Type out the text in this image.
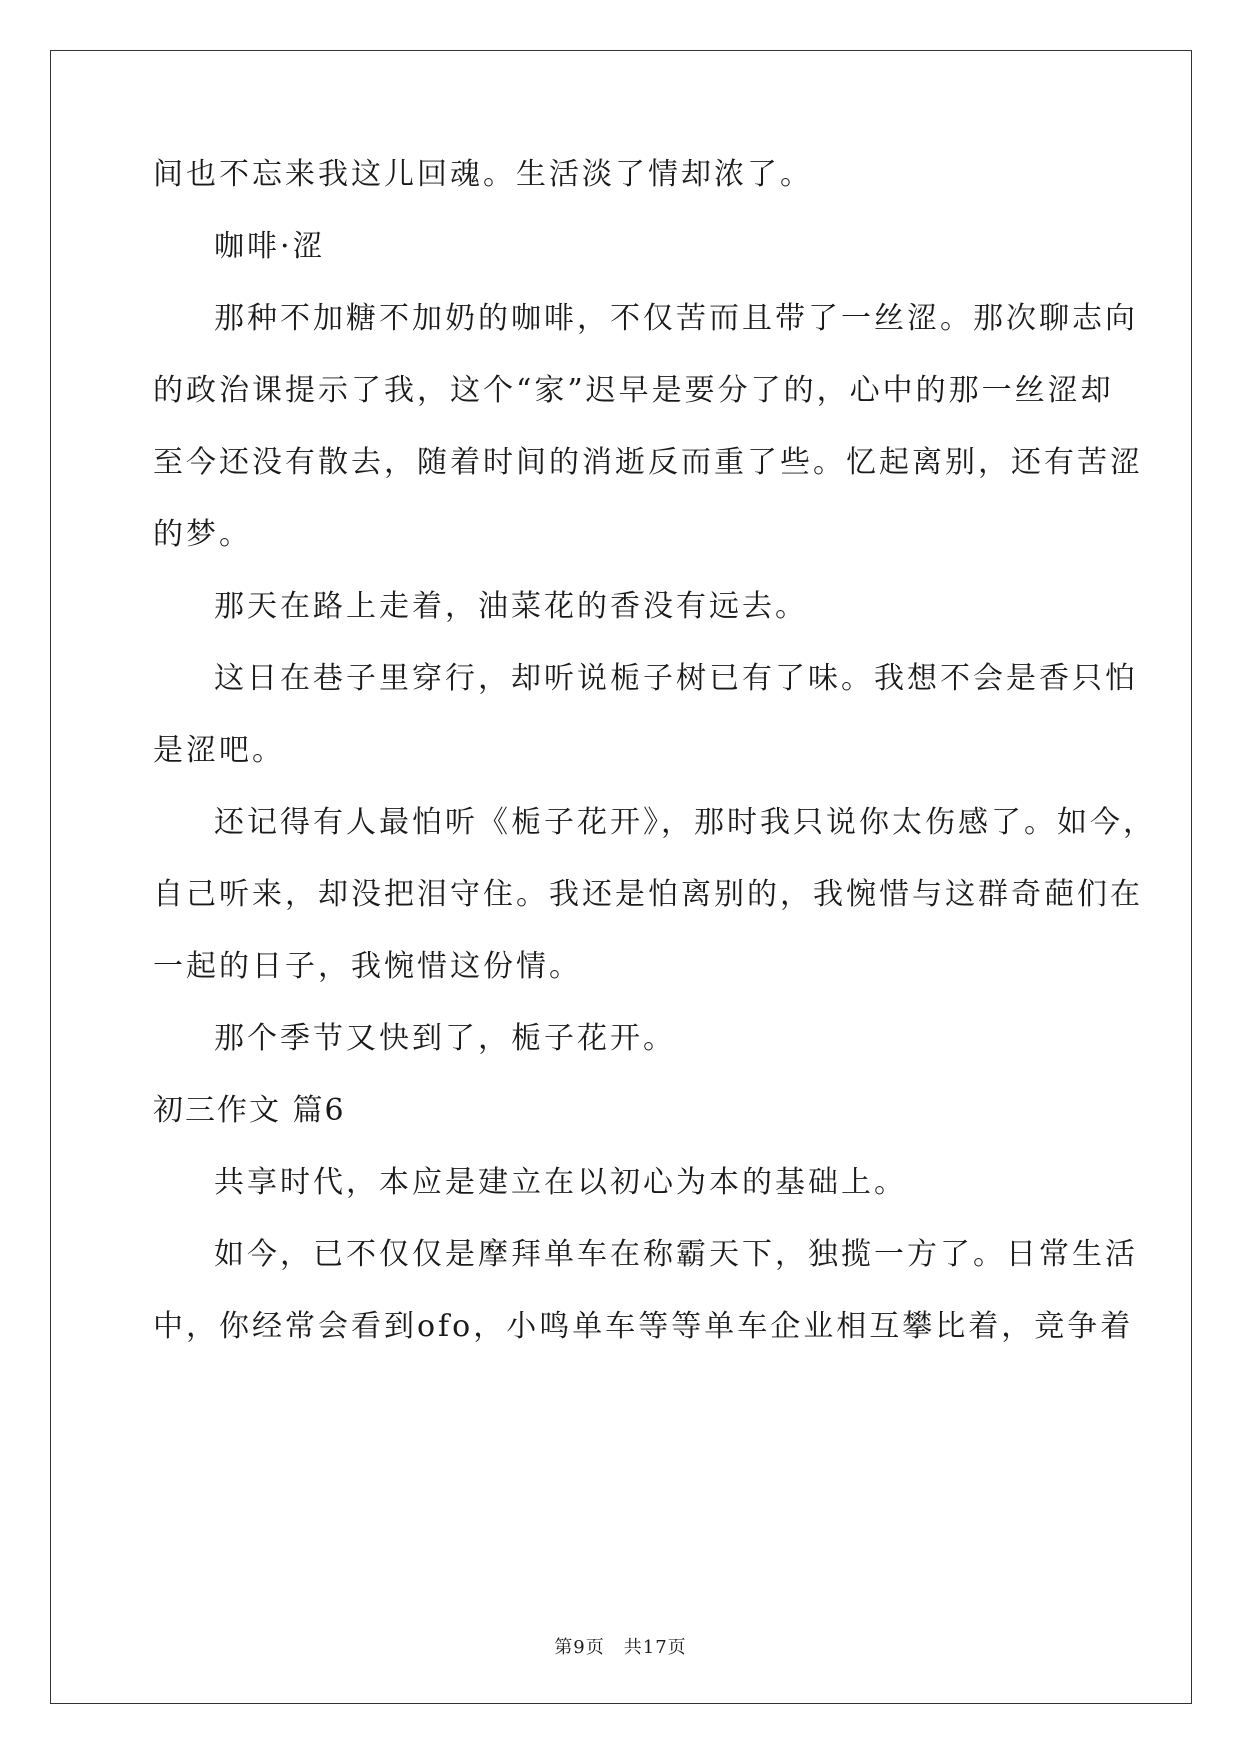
间也不忘来我这儿回魂。生活淡了情却浓了。
咖啡·涩
那种不加糖不加奶的咖啡，不仅苦而且带了一丝涩。那次聊志向
的政治课提示了我，这个“家”迟早是要分了的，心中的那一丝涩却
至今还没有散去，随着时间的消逝反而重了些。忆起离别，还有苦涩
的梦。
那天在路上走着，油菜花的香没有远去。
这日在巷子里穿行，却听说栀子树已有了味。我想不会是香只怕
是涩吧。
还记得有人最怕听《栀子花开》，那时我只说你太伤感了。如今，
自己听来，却没把泪守住。我还是怕离别的，我惋惜与这群奇葩们在
一起的日子，我惋惜这份情。
那个季节又快到了，栀子花开。
初三作文 篇6
共享时代，本应是建立在以初心为本的基础上。
如今，已不仅仅是摩拜单车在称霸天下，独揽一方了。日常生活
中，你经常会看到ofo，小鸣单车等等单车企业相互攀比着，竞争着
第9页　共17页
